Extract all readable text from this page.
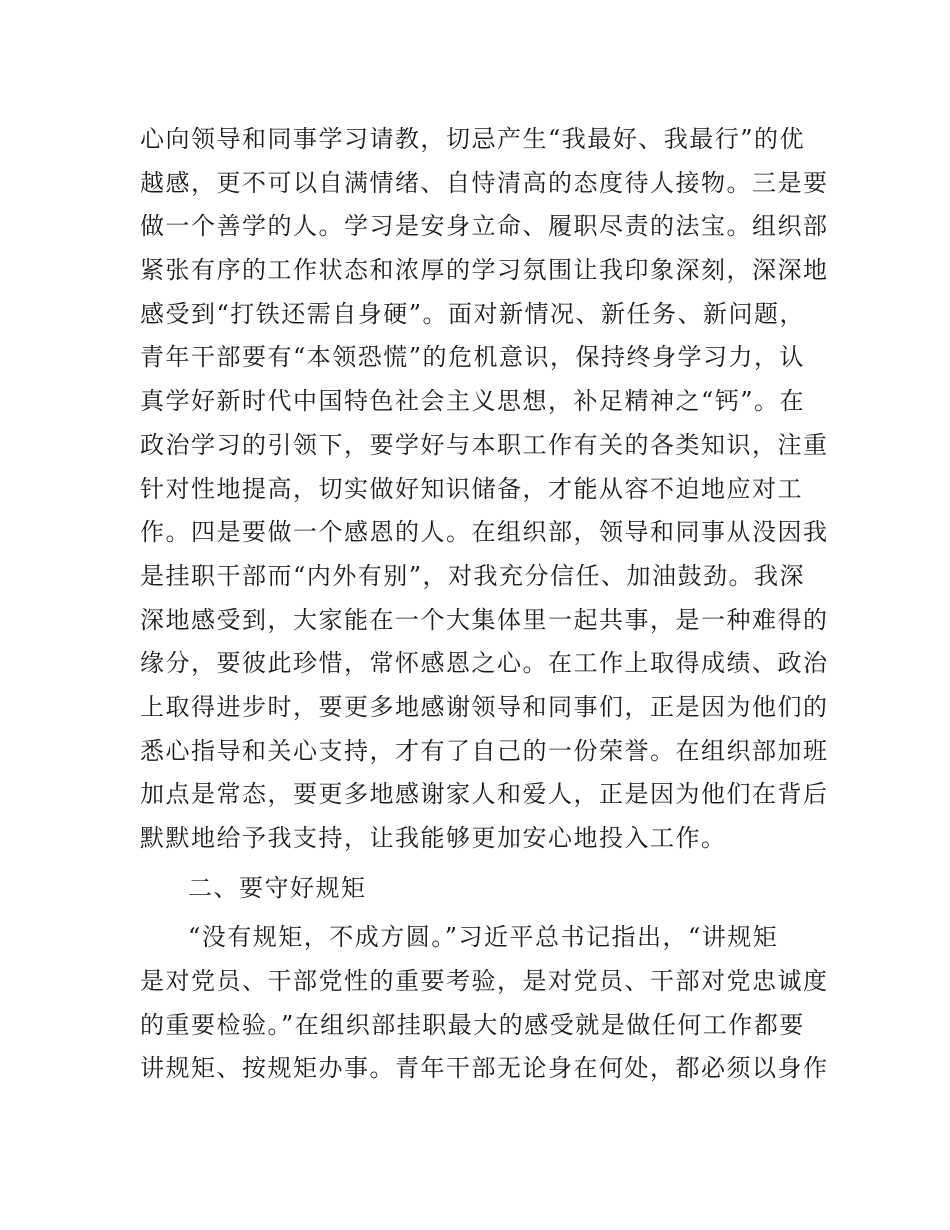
心向领导和同事学习请教，切忌产生“我最好、我最行”的优
越感，更不可以自满情绪、自恃清高的态度待人接物。三是要
做一个善学的人。学习是安身立命、履职尽责的法宝。组织部
紧张有序的工作状态和浓厚的学习氛围让我印象深刻，深深地
感受到“打铁还需自身硬”。面对新情况、新任务、新问题，
青年干部要有“本领恐慌”的危机意识，保持终身学习力，认
真学好新时代中国特色社会主义思想，补足精神之“钙”。在
政治学习的引领下，要学好与本职工作有关的各类知识，注重
针对性地提高，切实做好知识储备，才能从容不迫地应对工
作。四是要做一个感恩的人。在组织部，领导和同事从没因我
是挂职干部而“内外有别”，对我充分信任、加油鼓劲。我深
深地感受到，大家能在一个大集体里一起共事，是一种难得的
缘分，要彼此珍惜，常怀感恩之心。在工作上取得成绩、政治
上取得进步时，要更多地感谢领导和同事们，正是因为他们的
悉心指导和关心支持，才有了自己的一份荣誉。在组织部加班
加点是常态，要更多地感谢家人和爱人，正是因为他们在背后
默默地给予我支持，让我能够更加安心地投入工作。
二、要守好规矩
“没有规矩，不成方圆。”习近平总书记指出，“讲规矩
是对党员、干部党性的重要考验，是对党员、干部对党忠诚度
的重要检验。”在组织部挂职最大的感受就是做任何工作都要
讲规矩、按规矩办事。青年干部无论身在何处，都必须以身作
